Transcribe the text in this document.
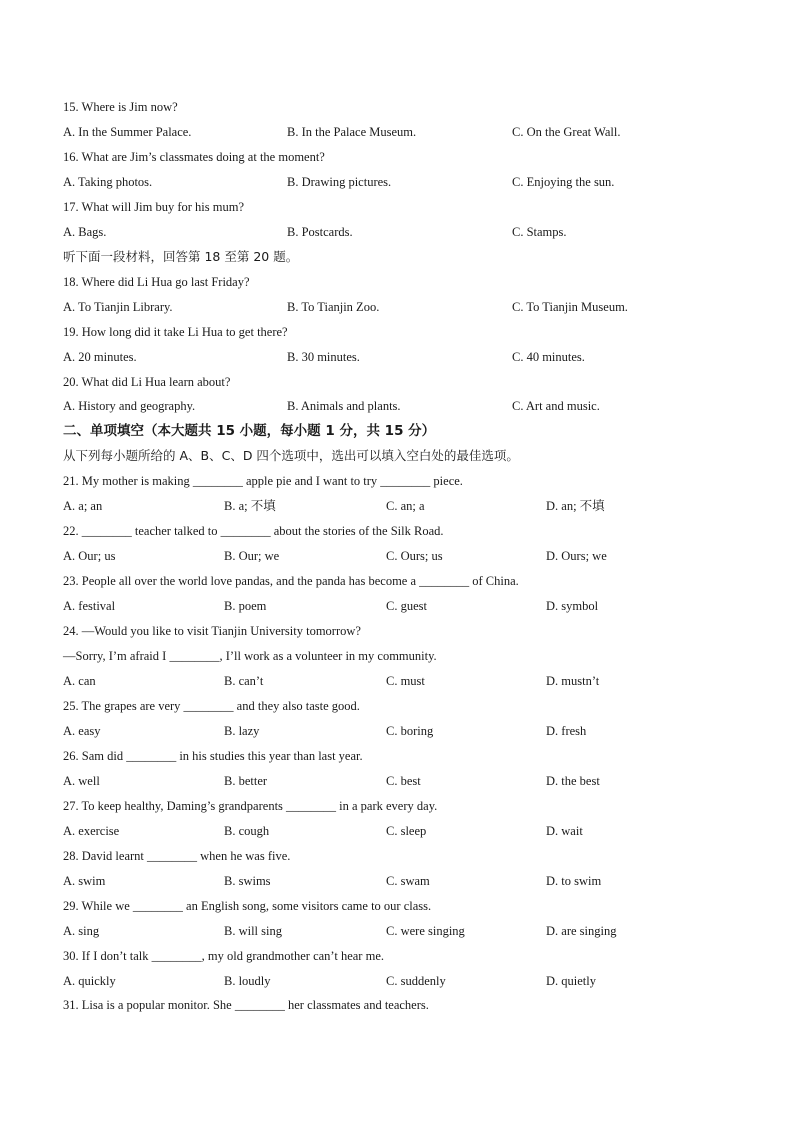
15. Where is Jim now?
A. In the Summer Palace.	B. In the Palace Museum.	C. On the Great Wall.
16. What are Jim’s classmates doing at the moment?
A. Taking photos.	B. Drawing pictures.	C. Enjoying the sun.
17. What will Jim buy for his mum?
A. Bags.	B. Postcards.	C. Stamps.
听下面一段材料，回答第 18 至第 20 题。
18. Where did Li Hua go last Friday?
A. To Tianjin Library.	B. To Tianjin Zoo.	C. To Tianjin Museum.
19. How long did it take Li Hua to get there?
A. 20 minutes.	B. 30 minutes.	C. 40 minutes.
20. What did Li Hua learn about?
A. History and geography.	B. Animals and plants.	C. Art and music.
二、单项填空（本大题共 15 小题，每小题 1 分，共 15 分）
从下列每小题所给的 A、B、C、D 四个选项中，选出可以填入空白处的最佳选项。
21. My mother is making ________ apple pie and I want to try ________ piece.
A. a; an	B. a; 不填	C. an; a	D. an; 不填
22. ________ teacher talked to ________ about the stories of the Silk Road.
A. Our; us	B. Our; we	C. Ours; us	D. Ours; we
23. People all over the world love pandas, and the panda has become a ________ of China.
A. festival	B. poem	C. guest	D. symbol
24. —Would you like to visit Tianjin University tomorrow?
—Sorry, I’m afraid I ________, I’ll work as a volunteer in my community.
A. can	B. can’t	C. must	D. mustn’t
25. The grapes are very ________ and they also taste good.
A. easy	B. lazy	C. boring	D. fresh
26. Sam did ________ in his studies this year than last year.
A. well	B. better	C. best	D. the best
27. To keep healthy, Daming’s grandparents ________ in a park every day.
A. exercise	B. cough	C. sleep	D. wait
28. David learnt ________ when he was five.
A. swim	B. swims	C. swam	D. to swim
29. While we ________ an English song, some visitors came to our class.
A. sing	B. will sing	C. were singing	D. are singing
30. If I don’t talk ________, my old grandmother can’t hear me.
A. quickly	B. loudly	C. suddenly	D. quietly
31. Lisa is a popular monitor. She ________ her classmates and teachers.
